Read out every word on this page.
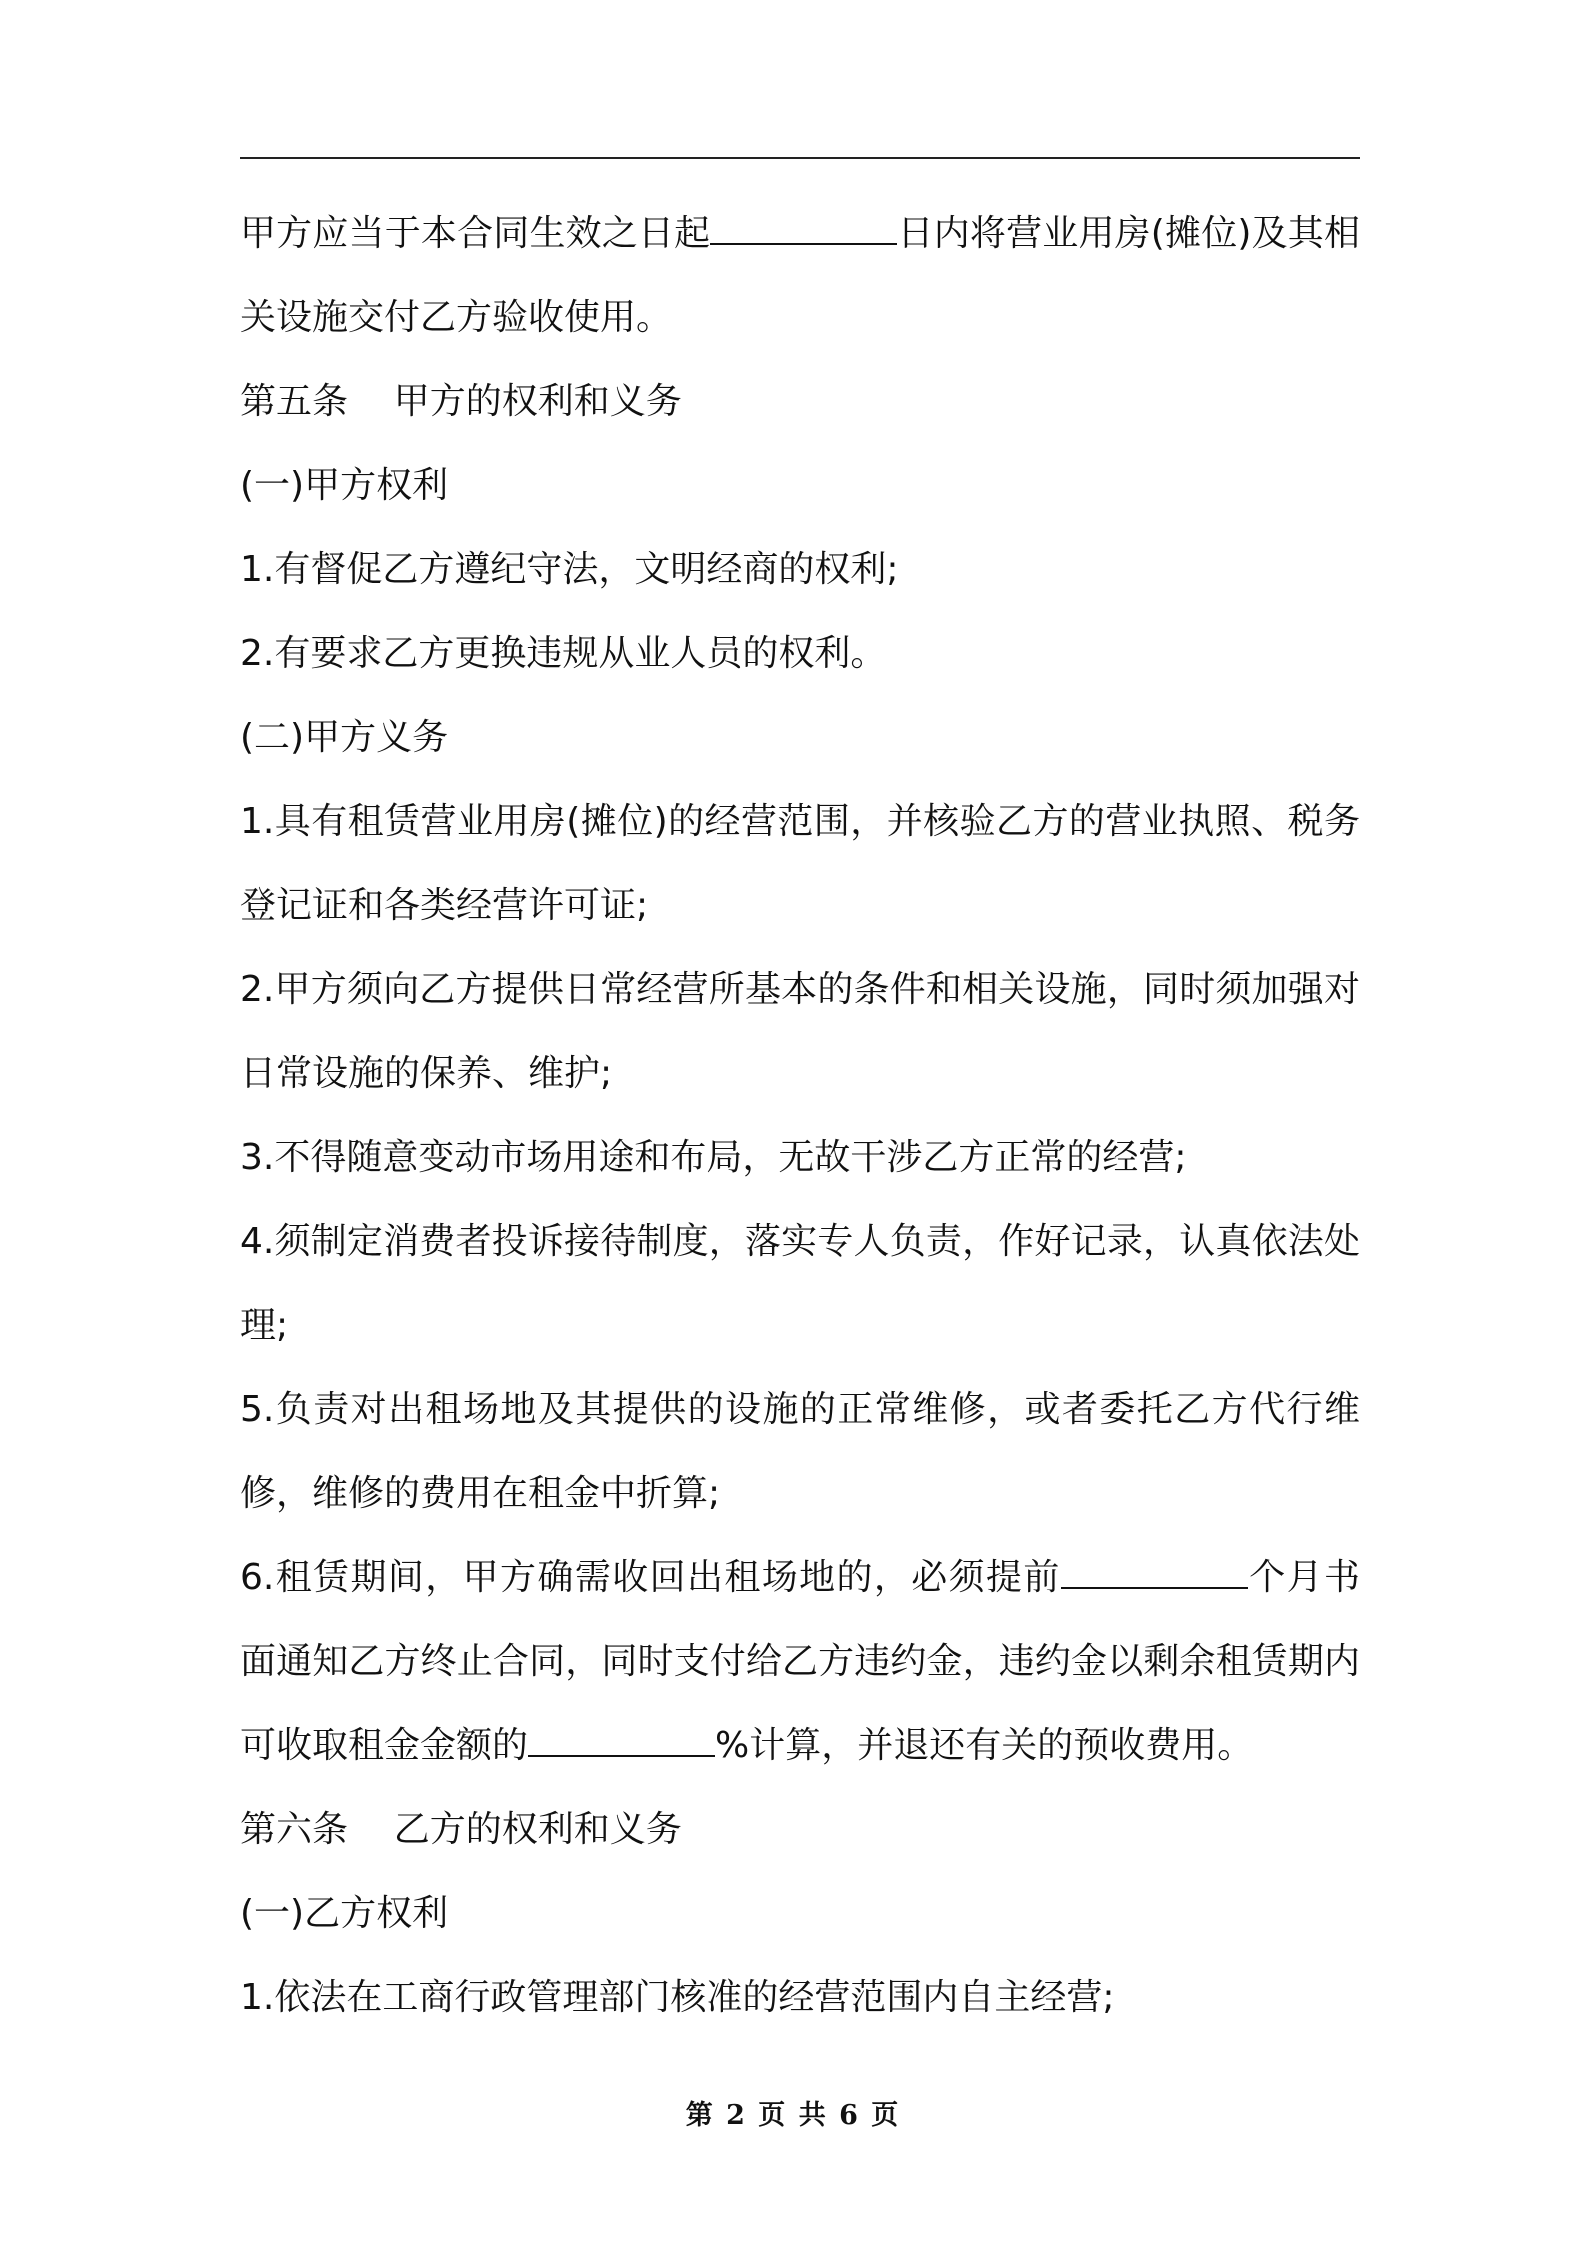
甲方应当于本合同生效之日起	日内将营业用房(摊位)及其相关设施交付乙方验收使用。

第五条    甲方的权利和义务

(一)甲方权利

1.有督促乙方遵纪守法，文明经商的权利;

2.有要求乙方更换违规从业人员的权利。

(二)甲方义务

1.具有租赁营业用房(摊位)的经营范围，并核验乙方的营业执照、税务登记证和各类经营许可证;

2.甲方须向乙方提供日常经营所基本的条件和相关设施，同时须加强对日常设施的保养、维护;

3.不得随意变动市场用途和布局，无故干涉乙方正常的经营;

4.须制定消费者投诉接待制度，落实专人负责，作好记录，认真依法处理;

5.负责对出租场地及其提供的设施的正常维修，或者委托乙方代行维修，维修的费用在租金中折算;

6.租赁期间，甲方确需收回出租场地的，必须提前	个月书面通知乙方终止合同，同时支付给乙方违约金，违约金以剩余租赁期内可收取租金金额的	%计算，并退还有关的预收费用。

第六条    乙方的权利和义务

(一)乙方权利

1.依法在工商行政管理部门核准的经营范围内自主经营;

第 2 页 共 6 页
